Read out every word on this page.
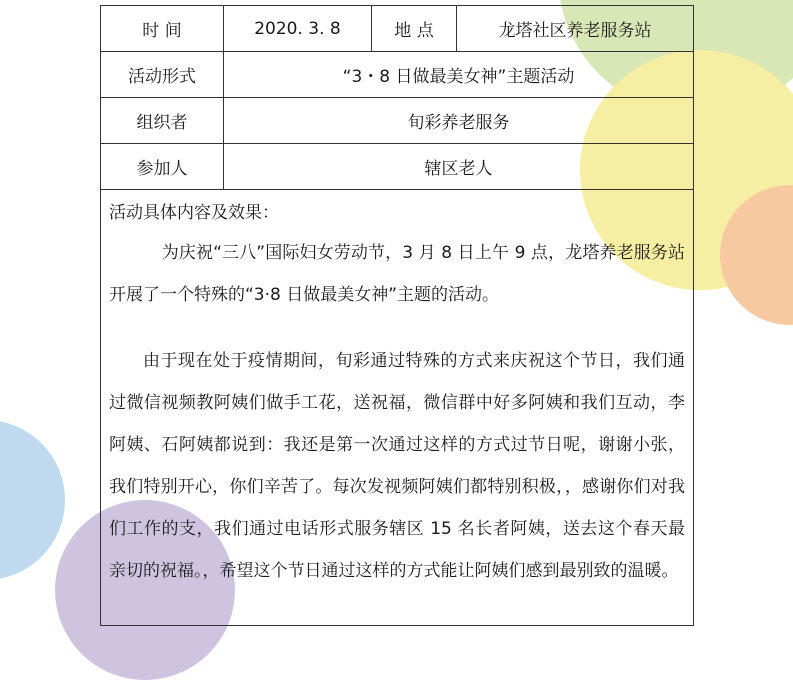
时 间	2020. 3. 8	地 点	龙塔社区养老服务站
活动形式	“3・8 日做最美女神”主题活动		
组织者	旬彩养老服务		
参加人	辖区老人		

活动具体内容及效果：

为庆祝“三八”国际妇女劳动节，3 月 8 日上午 9 点，龙塔养老服务站开展了一个特殊的“3·8 日做最美女神”主题的活动。

由于现在处于疫情期间，旬彩通过特殊的方式来庆祝这个节日，我们通过微信视频教阿姨们做手工花，送祝福，微信群中好多阿姨和我们互动，李阿姨、石阿姨都说到：我还是第一次通过这样的方式过节日呢，谢谢小张，我们特别开心，你们辛苦了。每次发视频阿姨们都特别积极，，感谢你们对我们工作的支，我们通过电话形式服务辖区 15 名长者阿姨，送去这个春天最亲切的祝福。，希望这个节日通过这样的方式能让阿姨们感到最别致的温暖。			
